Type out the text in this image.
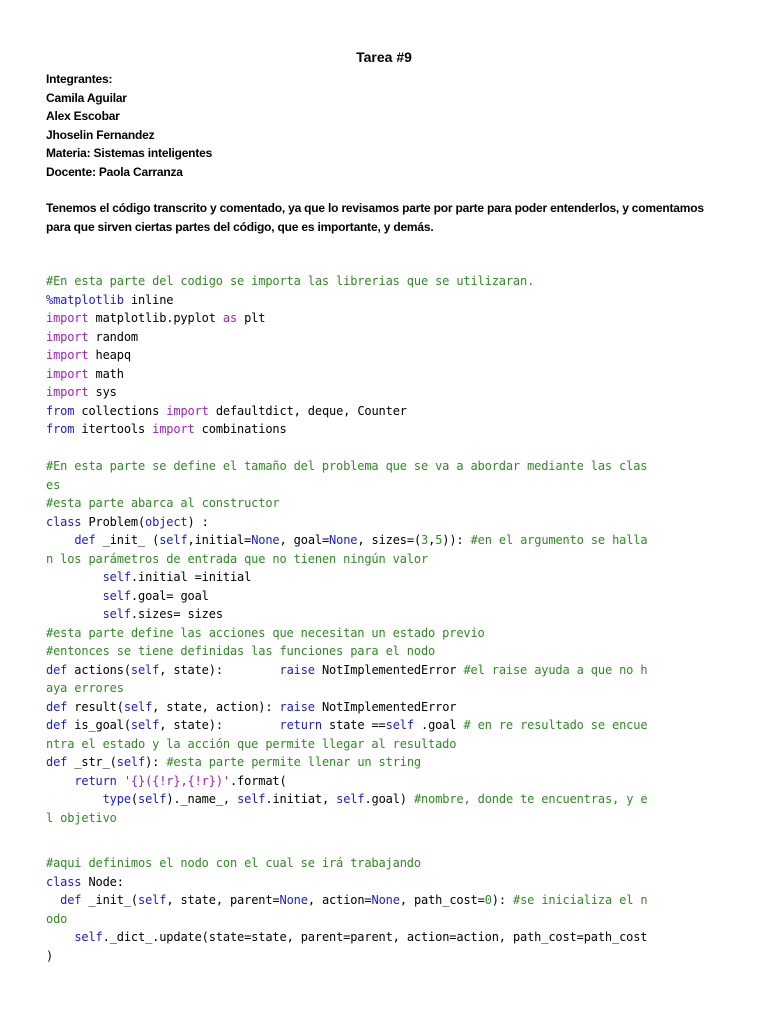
Tarea #9
Integrantes:
Camila Aguilar
Alex Escobar
Jhoselin Fernandez
Materia: Sistemas inteligentes
Docente: Paola Carranza
Tenemos el código transcrito y comentado, ya que lo revisamos parte por parte para poder entenderlos, y comentamos
para que sirven ciertas partes del código, que es importante, y demás.
#En esta parte del codigo se importa las librerias que se utilizaran.
%matplotlib inline
import matplotlib.pyplot as plt
import random
import heapq
import math
import sys
from collections import defaultdict, deque, Counter
from itertools import combinations
#En esta parte se define el tamaño del problema que se va a abordar mediante las clas
es
#esta parte abarca al constructor
class Problem(object) :
def _init_ (self,initial=None, goal=None, sizes=(3,5)): #en el argumento se halla
n los parámetros de entrada que no tienen ningún valor
self.initial =initial
self.goal= goal
self.sizes= sizes
#esta parte define las acciones que necesitan un estado previo
#entonces se tiene definidas las funciones para el nodo
def actions(self, state):        raise NotImplementedError #el raise ayuda a que no h
aya errores
def result(self, state, action): raise NotImplementedError
def is_goal(self, state):        return state ==self .goal # en re resultado se encue
ntra el estado y la acción que permite llegar al resultado
def _str_(self): #esta parte permite llenar un string
return '{}({!r},{!r})'.format(
type(self)._name_, self.initiat, self.goal) #nombre, donde te encuentras, y e
l objetivo
#aqui definimos el nodo con el cual se irá trabajando
class Node:
def _init_(self, state, parent=None, action=None, path_cost=0): #se inicializa el n
odo
self._dict_.update(state=state, parent=parent, action=action, path_cost=path_cost
)
